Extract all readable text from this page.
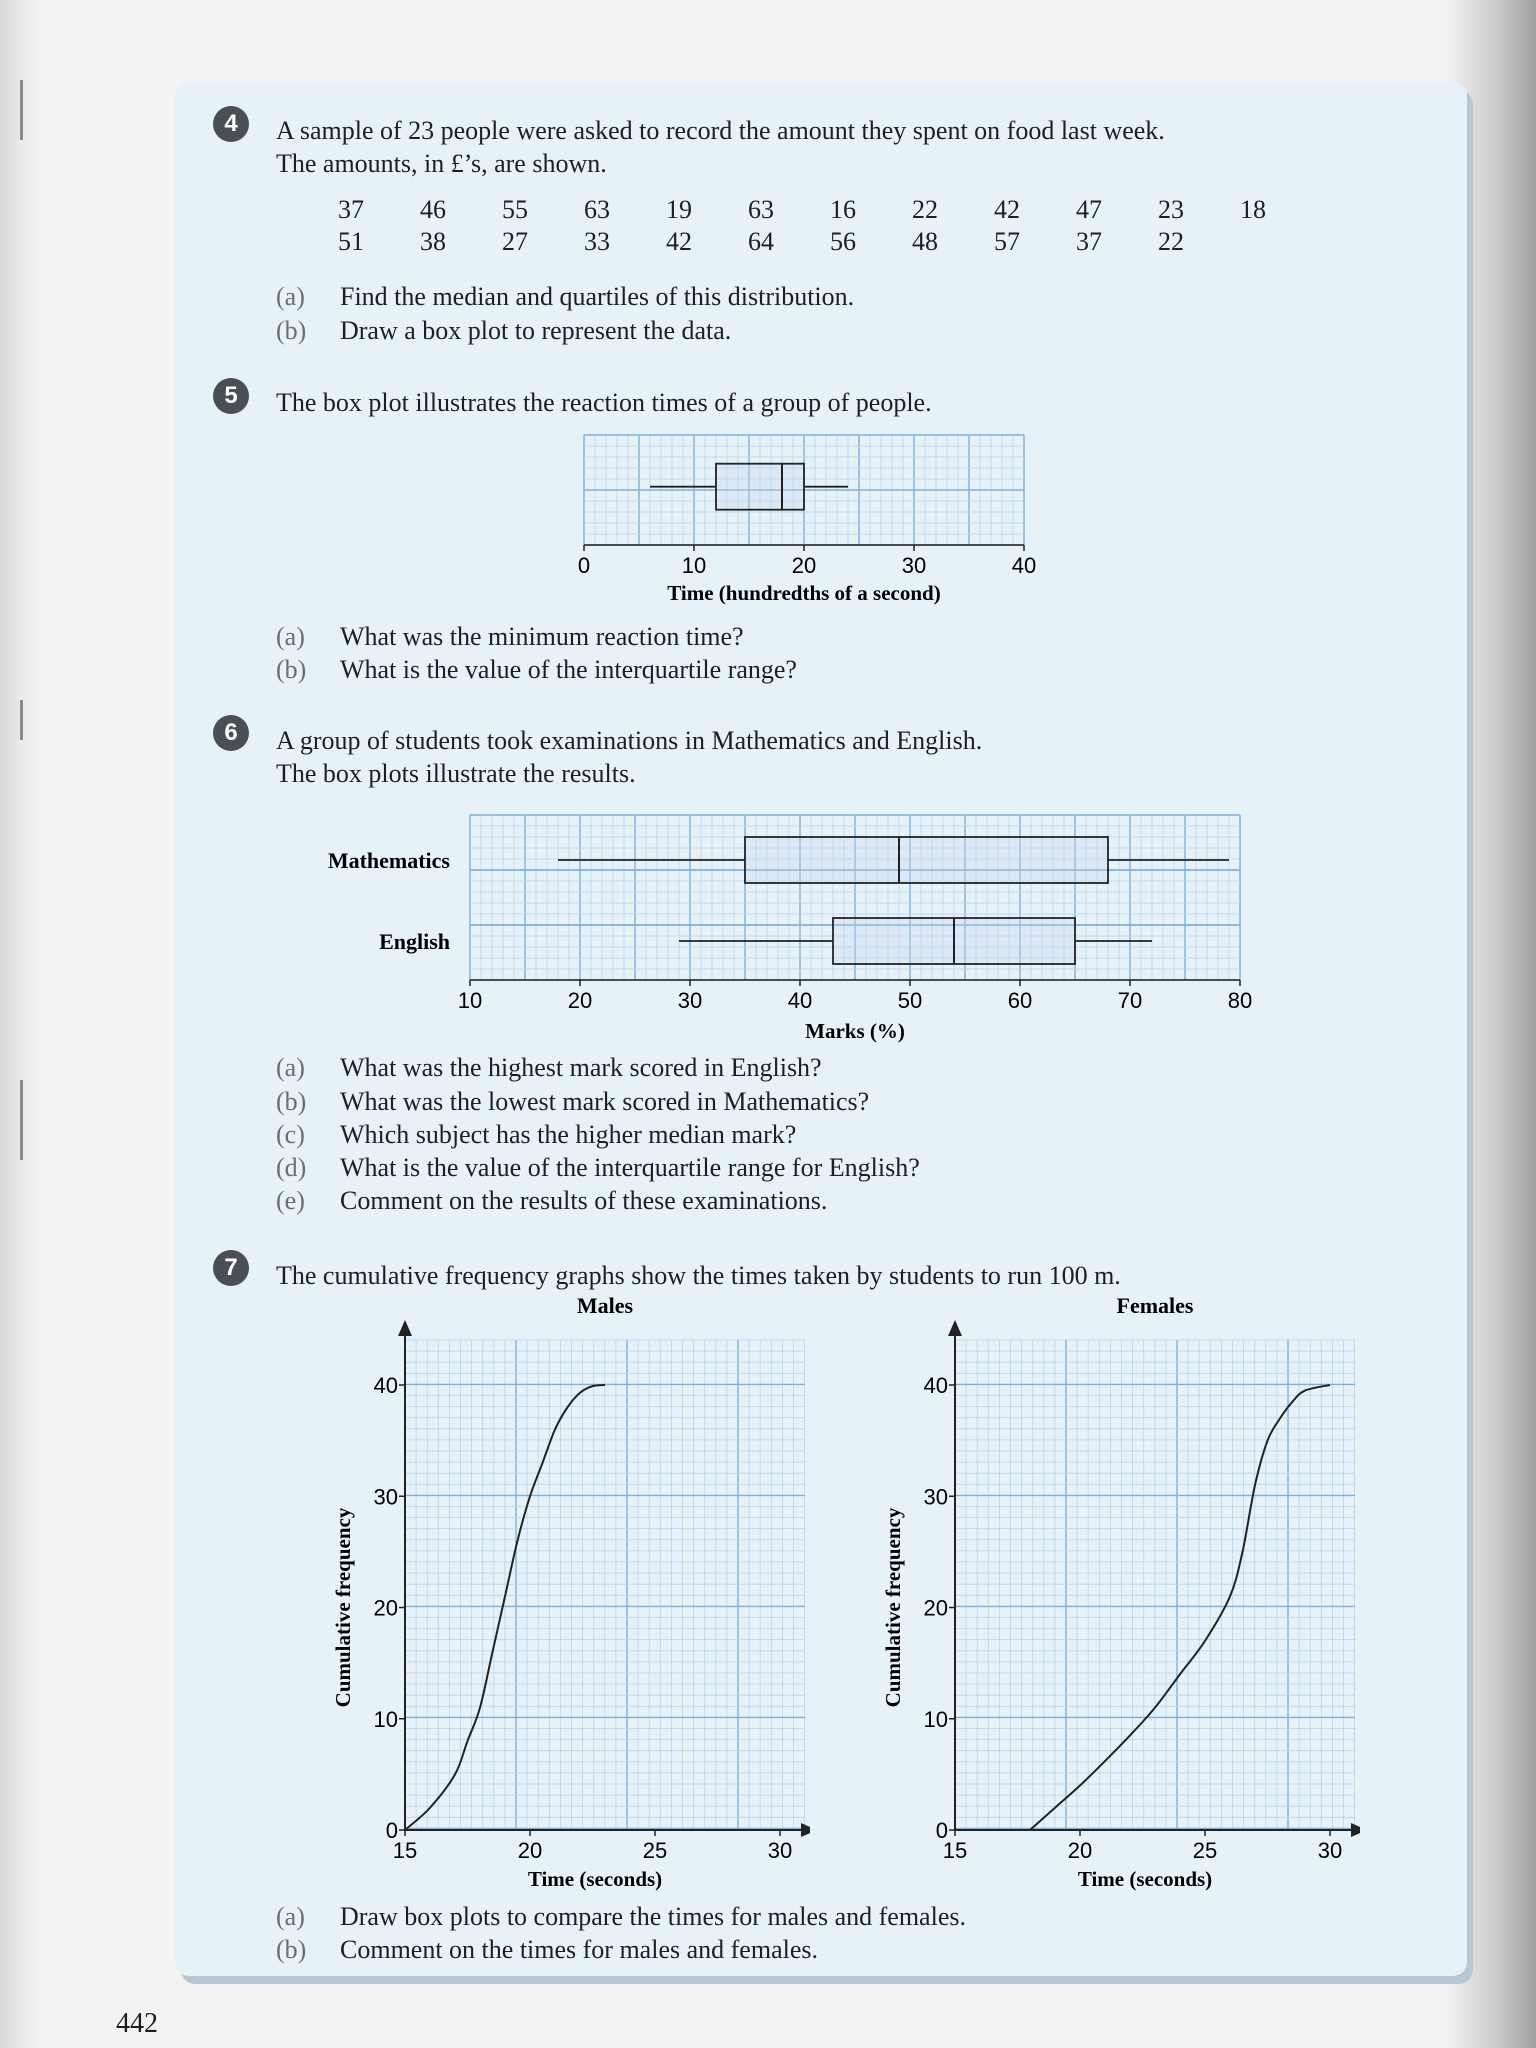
4	A sample of 23 people were asked to record the amount they spent on food last week.
The amounts, in £’s, are shown.
37	46	55	63	19	63	16	22	42	47	23	18
51	38	27	33	42	64	56	48	57	37	22	
(a) Find the median and quartiles of this distribution.
(b) Draw a box plot to represent the data.
5	The box plot illustrates the reaction times of a group of people.
0	10	20	30	40
Time (hundredths of a second)
(a) What was the minimum reaction time?
(b) What is the value of the interquartile range?
6	A group of students took examinations in Mathematics and English.
The box plots illustrate the results.
10	20	30	40	50	60	70	80
Marks (%)
Mathematics
English
(a) What was the highest mark scored in English?
(b) What was the lowest mark scored in Mathematics?
(c) Which subject has the higher median mark?
(d) What is the value of the interquartile range for English?
(e) Comment on the results of these examinations.
7	The cumulative frequency graphs show the times taken by students to run 100 m.
Males
0
10
20
30
40
15	20	25	30
Time (seconds)
Cumulative frequency
Females
0
10
20
30
40
15	20	25	30
Time (seconds)
Cumulative frequency
(a) Draw box plots to compare the times for males and females.
(b) Comment on the times for males and females.
442
